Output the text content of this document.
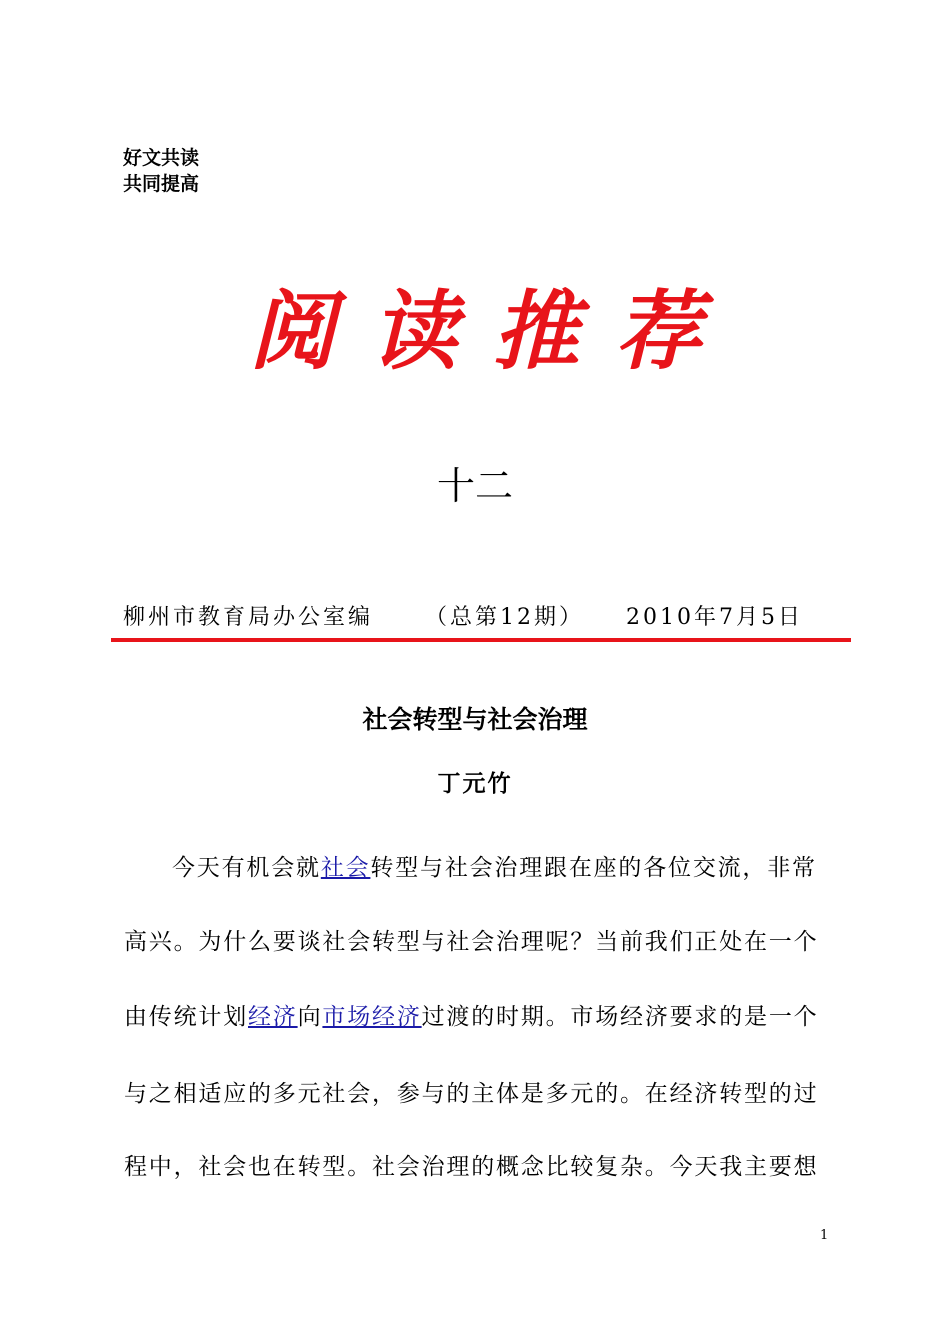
好文共读
共同提高
阅读推荐
十二
柳州市教育局办公室编 （总第12期） 2010年7月5日
社会转型与社会治理
丁元竹
今天有机会就社会转型与社会治理跟在座的各位交流，非常
高兴。为什么要谈社会转型与社会治理呢？当前我们正处在一个
由传统计划经济向市场经济过渡的时期。市场经济要求的是一个
与之相适应的多元社会，参与的主体是多元的。在经济转型的过
程中，社会也在转型。社会治理的概念比较复杂。今天我主要想
1
